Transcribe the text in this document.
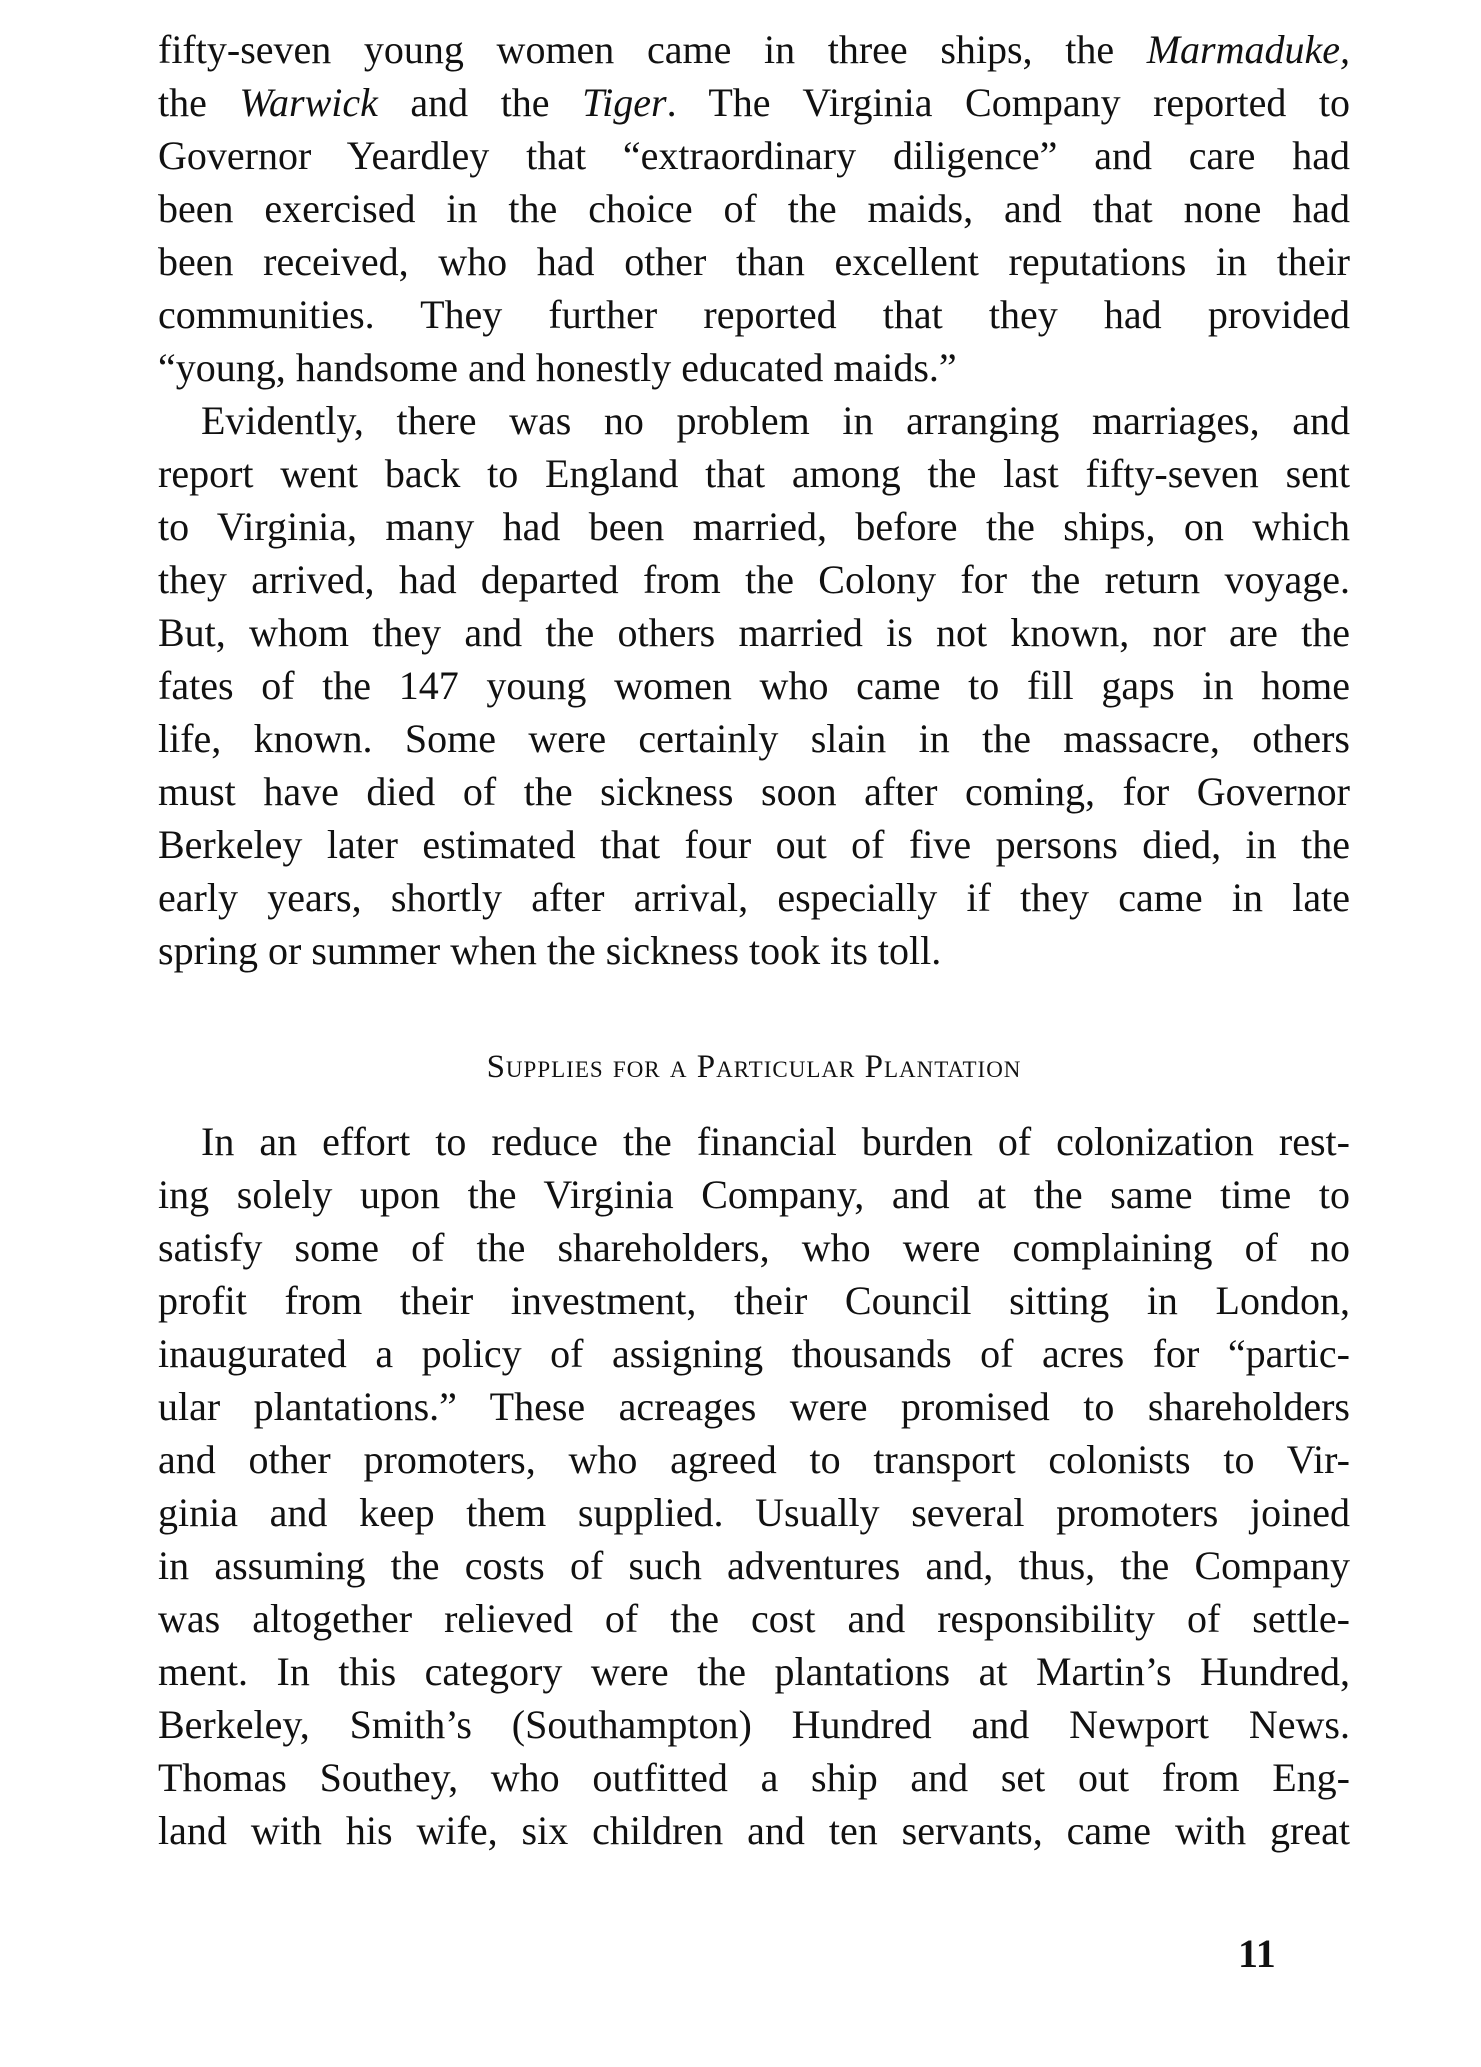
fifty-seven young women came in three ships, the Marmaduke,
the Warwick and the Tiger. The Virginia Company reported to
Governor Yeardley that “extraordinary diligence” and care had
been exercised in the choice of the maids, and that none had
been received, who had other than excellent reputations in their
communities. They further reported that they had provided
“young, handsome and honestly educated maids.”
Evidently, there was no problem in arranging marriages, and
report went back to England that among the last fifty-seven sent
to Virginia, many had been married, before the ships, on which
they arrived, had departed from the Colony for the return voyage.
But, whom they and the others married is not known, nor are the
fates of the 147 young women who came to fill gaps in home
life, known. Some were certainly slain in the massacre, others
must have died of the sickness soon after coming, for Governor
Berkeley later estimated that four out of five persons died, in the
early years, shortly after arrival, especially if they came in late
spring or summer when the sickness took its toll.
Supplies for a Particular Plantation
In an effort to reduce the financial burden of colonization rest-
ing solely upon the Virginia Company, and at the same time to
satisfy some of the shareholders, who were complaining of no
profit from their investment, their Council sitting in London,
inaugurated a policy of assigning thousands of acres for “partic-
ular plantations.” These acreages were promised to shareholders
and other promoters, who agreed to transport colonists to Vir-
ginia and keep them supplied. Usually several promoters joined
in assuming the costs of such adventures and, thus, the Company
was altogether relieved of the cost and responsibility of settle-
ment. In this category were the plantations at Martin’s Hundred,
Berkeley, Smith’s (Southampton) Hundred and Newport News.
Thomas Southey, who outfitted a ship and set out from Eng-
land with his wife, six children and ten servants, came with great
11
